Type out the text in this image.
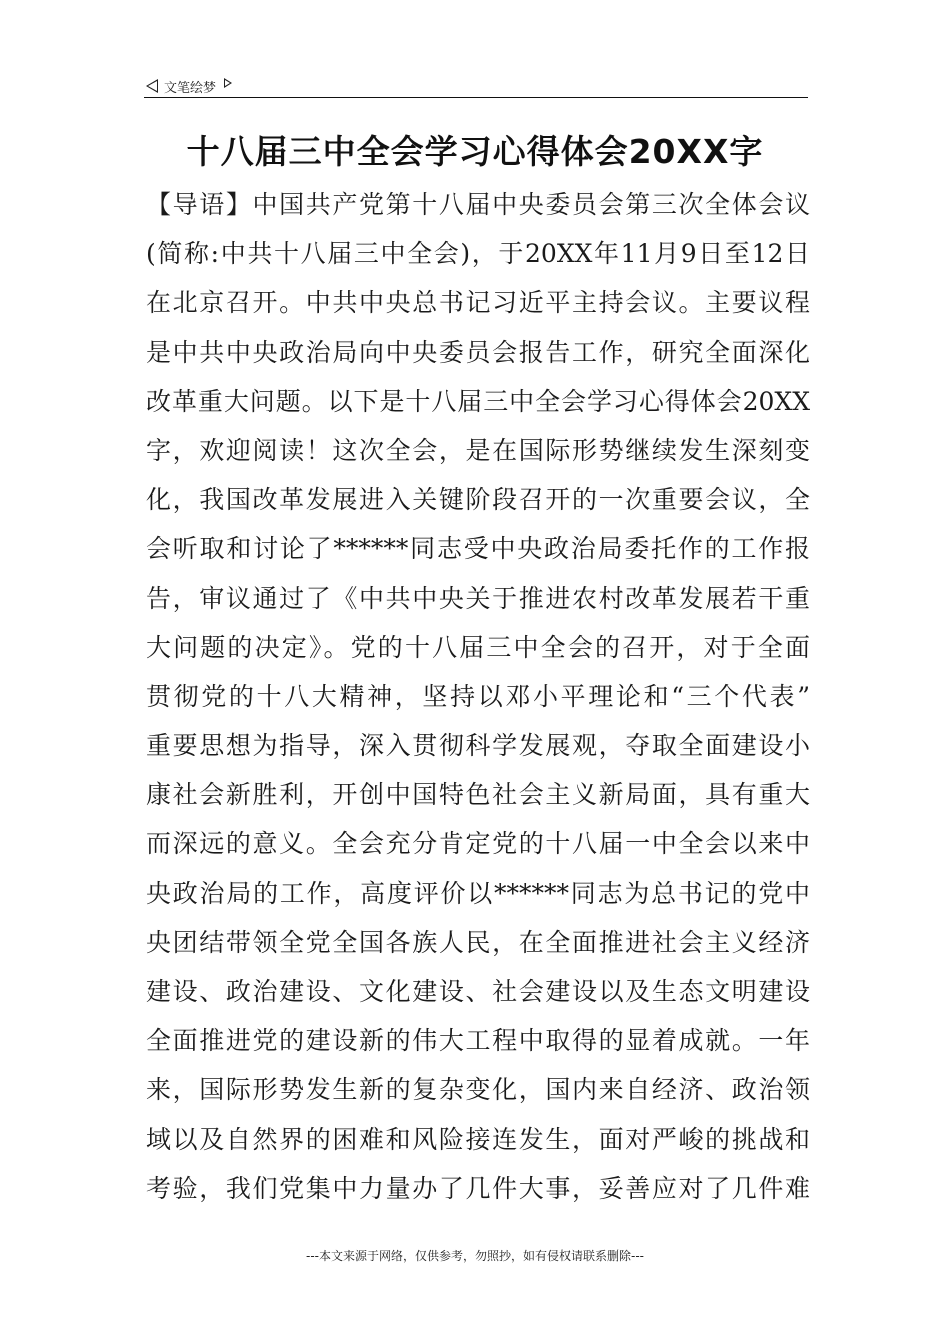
文笔绘梦
十八届三中全会学习心得体会20XX字
【导语】中国共产党第十八届中央委员会第三次全体会议
(简称:中共十八届三中全会)，于20XX年11月9日至12日
在北京召开。中共中央总书记习近平主持会议。主要议程
是中共中央政治局向中央委员会报告工作，研究全面深化
改革重大问题。以下是十八届三中全会学习心得体会20XX
字，欢迎阅读！这次全会，是在国际形势继续发生深刻变
化，我国改革发展进入关键阶段召开的一次重要会议，全
会听取和讨论了******同志受中央政治局委托作的工作报
告，审议通过了《中共中央关于推进农村改革发展若干重
大问题的决定》。党的十八届三中全会的召开，对于全面
贯彻党的十八大精神，坚持以邓小平理论和“三个代表”
重要思想为指导，深入贯彻科学发展观，夺取全面建设小
康社会新胜利，开创中国特色社会主义新局面，具有重大
而深远的意义。全会充分肯定党的十八届一中全会以来中
央政治局的工作，高度评价以******同志为总书记的党中
央团结带领全党全国各族人民，在全面推进社会主义经济
建设、政治建设、文化建设、社会建设以及生态文明建设
全面推进党的建设新的伟大工程中取得的显着成就。一年
来，国际形势发生新的复杂变化，国内来自经济、政治领
域以及自然界的困难和风险接连发生，面对严峻的挑战和
考验，我们党集中力量办了几件大事，妥善应对了几件难
---本文来源于网络，仅供参考，勿照抄，如有侵权请联系删除---
